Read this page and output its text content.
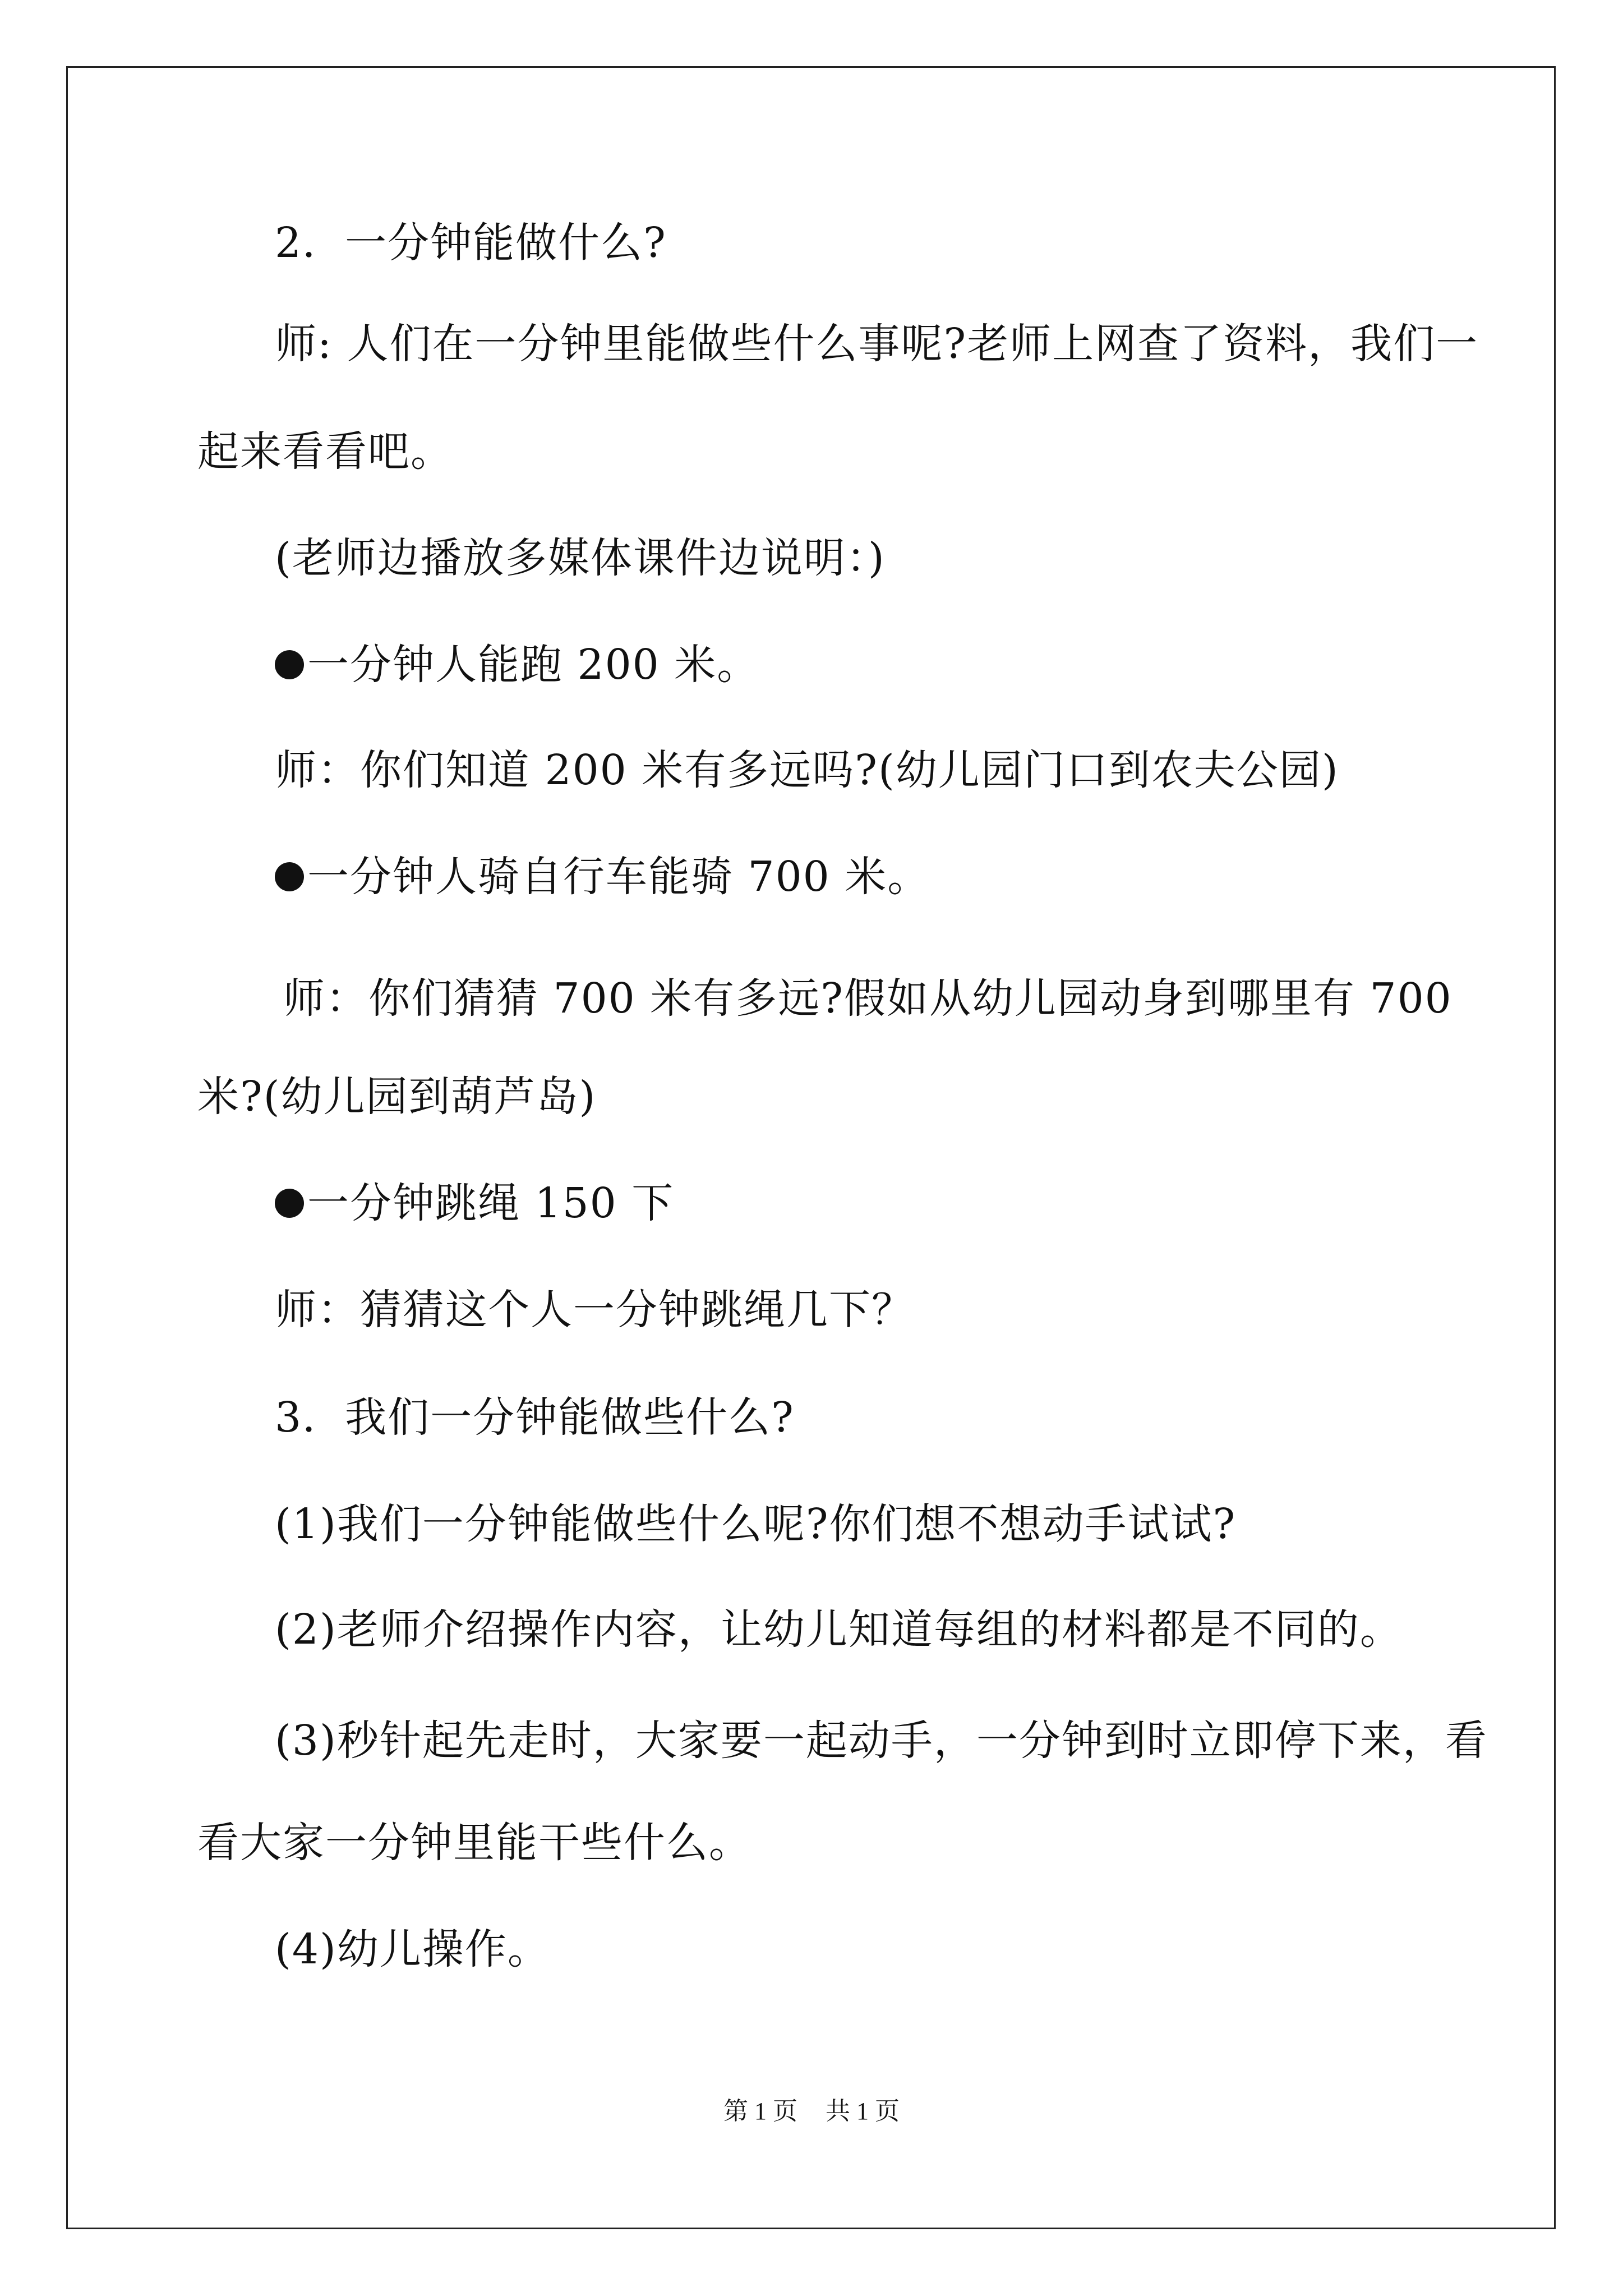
2．一分钟能做什么?
师: 人们在一分钟里能做些什么事呢?老师上网查了资料，我们一
起来看看吧。
(老师边播放多媒体课件边说明：)
一分钟人能跑 200 米。
师：你们知道 200 米有多远吗?(幼儿园门口到农夫公园)
一分钟人骑自行车能骑 700 米。
师：你们猜猜 700 米有多远?假如从幼儿园动身到哪里有 700
米?(幼儿园到葫芦岛)
一分钟跳绳 150 下
师：猜猜这个人一分钟跳绳几下？
3．我们一分钟能做些什么?
(1)我们一分钟能做些什么呢?你们想不想动手试试?
(2)老师介绍操作内容，让幼儿知道每组的材料都是不同的。
(3)秒针起先走时，大家要一起动手，一分钟到时立即停下来，看
看大家一分钟里能干些什么。
(4)幼儿操作。
第 1 页 共 1 页
